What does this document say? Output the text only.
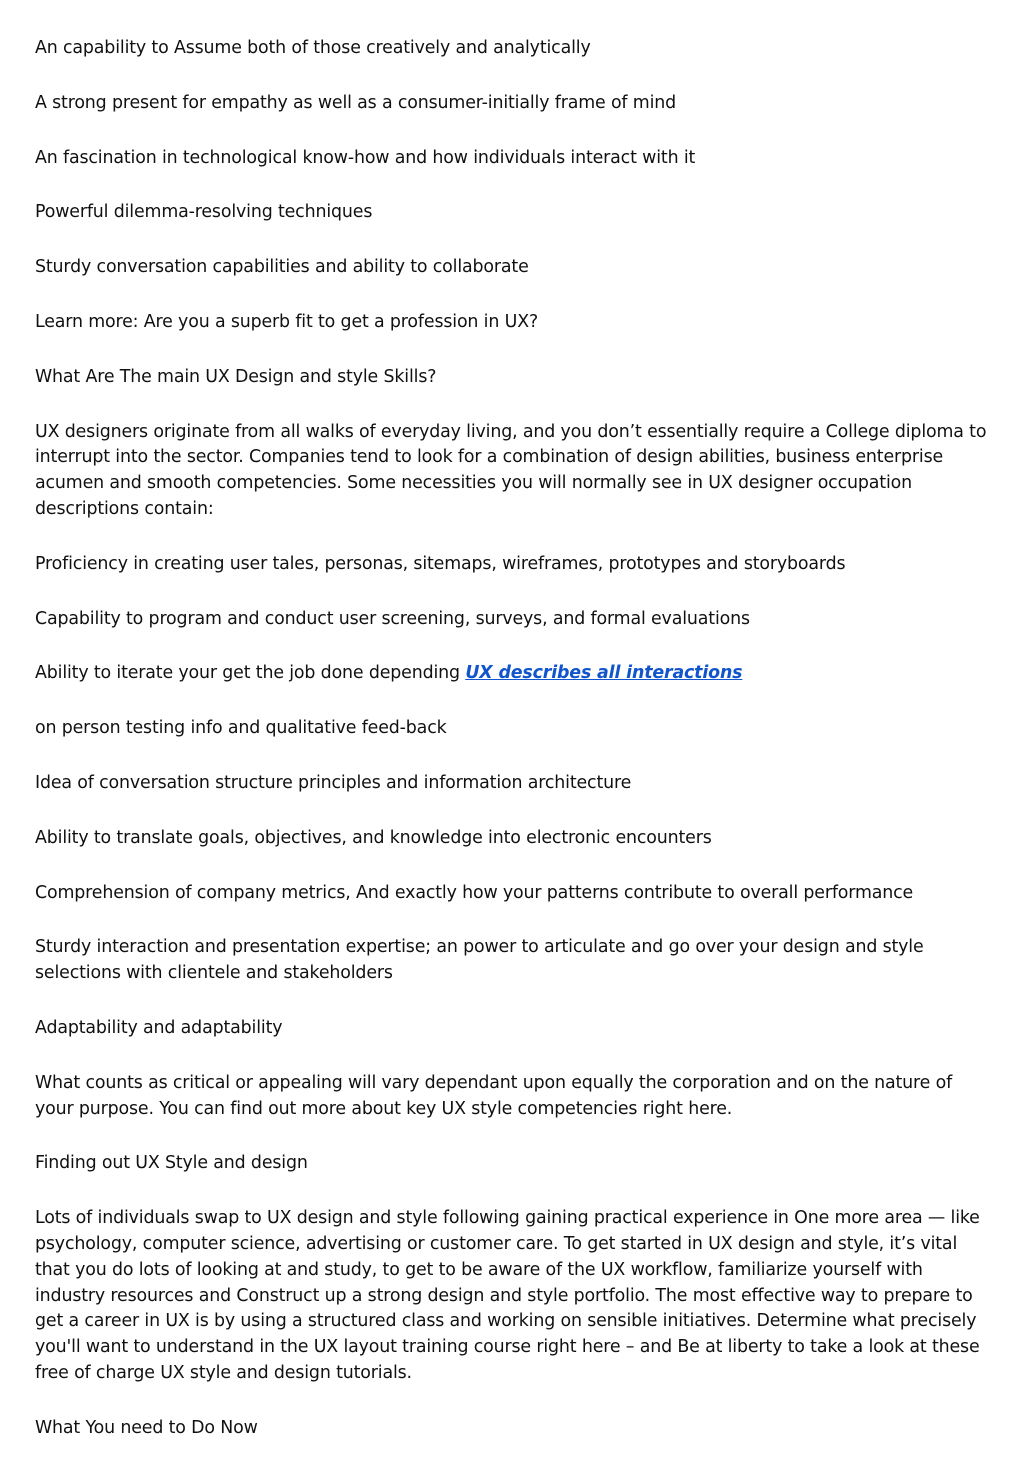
An capability to Assume both of those creatively and analytically

A strong present for empathy as well as a consumer-initially frame of mind

An fascination in technological know-how and how individuals interact with it

Powerful dilemma-resolving techniques

Sturdy conversation capabilities and ability to collaborate

Learn more: Are you a superb fit to get a profession in UX?

What Are The main UX Design and style Skills?

UX designers originate from all walks of everyday living, and you don’t essentially require a College diploma to interrupt into the sector. Companies tend to look for a combination of design abilities, business enterprise acumen and smooth competencies. Some necessities you will normally see in UX designer occupation descriptions contain:

Proficiency in creating user tales, personas, sitemaps, wireframes, prototypes and storyboards

Capability to program and conduct user screening, surveys, and formal evaluations

Ability to iterate your get the job done depending UX describes all interactions

on person testing info and qualitative feed-back

Idea of conversation structure principles and information architecture

Ability to translate goals, objectives, and knowledge into electronic encounters

Comprehension of company metrics, And exactly how your patterns contribute to overall performance

Sturdy interaction and presentation expertise; an power to articulate and go over your design and style selections with clientele and stakeholders

Adaptability and adaptability

What counts as critical or appealing will vary dependant upon equally the corporation and on the nature of your purpose. You can find out more about key UX style competencies right here.

Finding out UX Style and design

Lots of individuals swap to UX design and style following gaining practical experience in One more area — like psychology, computer science, advertising or customer care. To get started in UX design and style, it’s vital that you do lots of looking at and study, to get to be aware of the UX workflow, familiarize yourself with industry resources and Construct up a strong design and style portfolio. The most effective way to prepare to get a career in UX is by using a structured class and working on sensible initiatives. Determine what precisely you'll want to understand in the UX layout training course right here – and Be at liberty to take a look at these free of charge UX style and design tutorials.

What You need to Do Now
